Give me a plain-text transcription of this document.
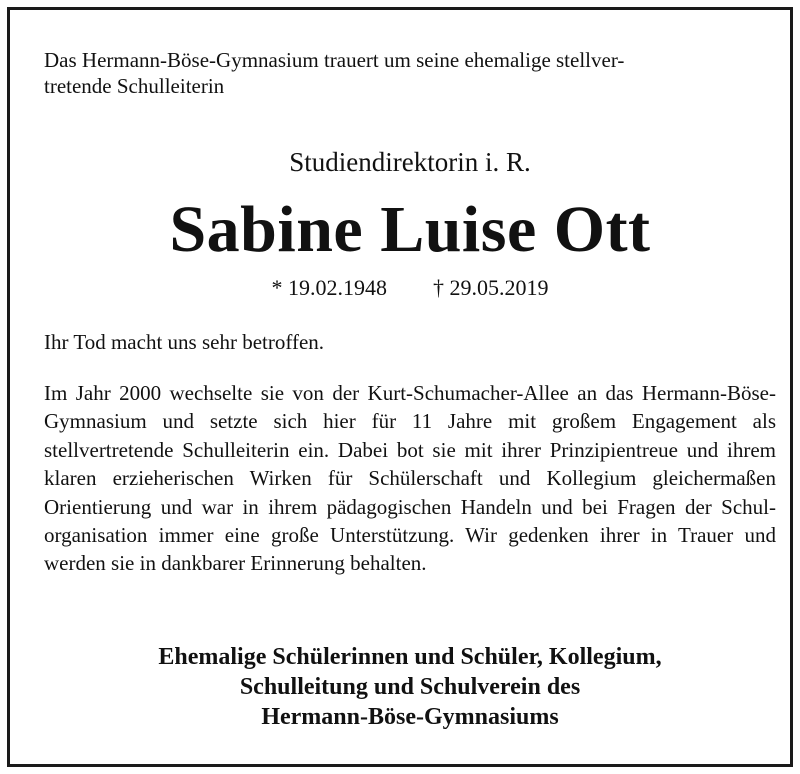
Das Hermann-Böse-Gymnasium trauert um seine ehemalige stellver-
tretende Schulleiterin

Studiendirektorin i. R.

Sabine Luise Ott

* 19.02.1948 † 29.05.2019

Ihr Tod macht uns sehr betroffen.

Im Jahr 2000 wechselte sie von der Kurt-Schumacher-Allee an das Hermann-Böse-Gymnasium und setzte sich hier für 11 Jahre mit großem Engagement als stellvertretende Schulleiterin ein. Dabei bot sie mit ihrer Prinzipientreue und ihrem klaren erzieherischen Wirken für Schülerschaft und Kollegium gleichermaßen Orientierung und war in ihrem pädagogischen Handeln und bei Fragen der Schulorganisation immer eine große Unterstützung. Wir gedenken ihrer in Trauer und werden sie in dankbarer Erinnerung behalten.

Ehemalige Schülerinnen und Schüler, Kollegium,
Schulleitung und Schulverein des
Hermann-Böse-Gymnasiums
